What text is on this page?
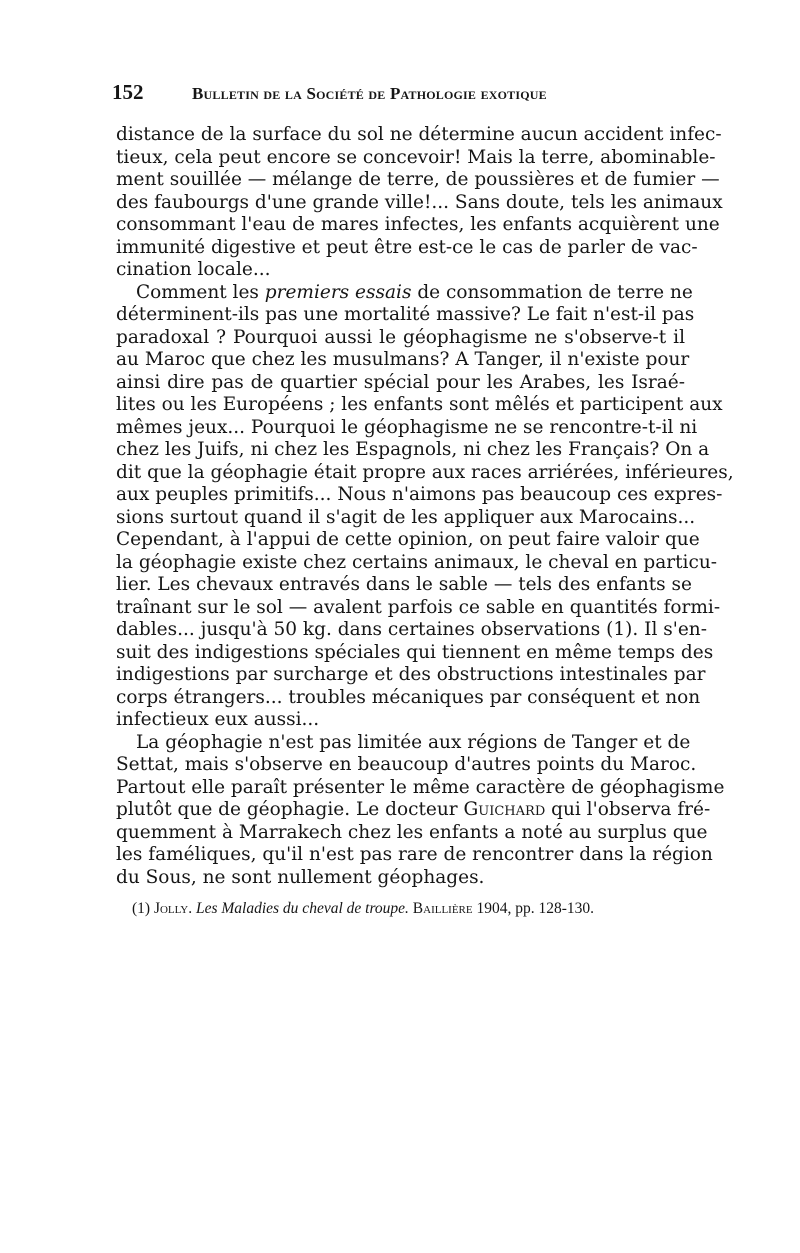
152	Bulletin de la Société de Pathologie exotique
distance de la surface du sol ne détermine aucun accident infec-
tieux, cela peut encore se concevoir! Mais la terre, abominable-
ment souillée — mélange de terre, de poussières et de fumier —
des faubourgs d'une grande ville!... Sans doute, tels les animaux
consommant l'eau de mares infectes, les enfants acquièrent une
immunité digestive et peut être est-ce le cas de parler de vac-
cination locale...
Comment les premiers essais de consommation de terre ne
déterminent-ils pas une mortalité massive? Le fait n'est-il pas
paradoxal ? Pourquoi aussi le géophagisme ne s'observe-t il
au Maroc que chez les musulmans? A Tanger, il n'existe pour
ainsi dire pas de quartier spécial pour les Arabes, les Israé-
lites ou les Européens ; les enfants sont mêlés et participent aux
mêmes jeux... Pourquoi le géophagisme ne se rencontre-t-il ni
chez les Juifs, ni chez les Espagnols, ni chez les Français? On a
dit que la géophagie était propre aux races arriérées, inférieures,
aux peuples primitifs... Nous n'aimons pas beaucoup ces expres-
sions surtout quand il s'agit de les appliquer aux Marocains...
Cependant, à l'appui de cette opinion, on peut faire valoir que
la géophagie existe chez certains animaux, le cheval en particu-
lier. Les chevaux entravés dans le sable — tels des enfants se
traînant sur le sol — avalent parfois ce sable en quantités formi-
dables... jusqu'à 50 kg. dans certaines observations (1). Il s'en-
suit des indigestions spéciales qui tiennent en même temps des
indigestions par surcharge et des obstructions intestinales par
corps étrangers... troubles mécaniques par conséquent et non
infectieux eux aussi...
La géophagie n'est pas limitée aux régions de Tanger et de
Settat, mais s'observe en beaucoup d'autres points du Maroc.
Partout elle paraît présenter le même caractère de géophagisme
plutôt que de géophagie. Le docteur Guichard qui l'observa fré-
quemment à Marrakech chez les enfants a noté au surplus que
les faméliques, qu'il n'est pas rare de rencontrer dans la région
du Sous, ne sont nullement géophages.
(1) Jolly. Les Maladies du cheval de troupe. Baillière 1904, pp. 128-130.
